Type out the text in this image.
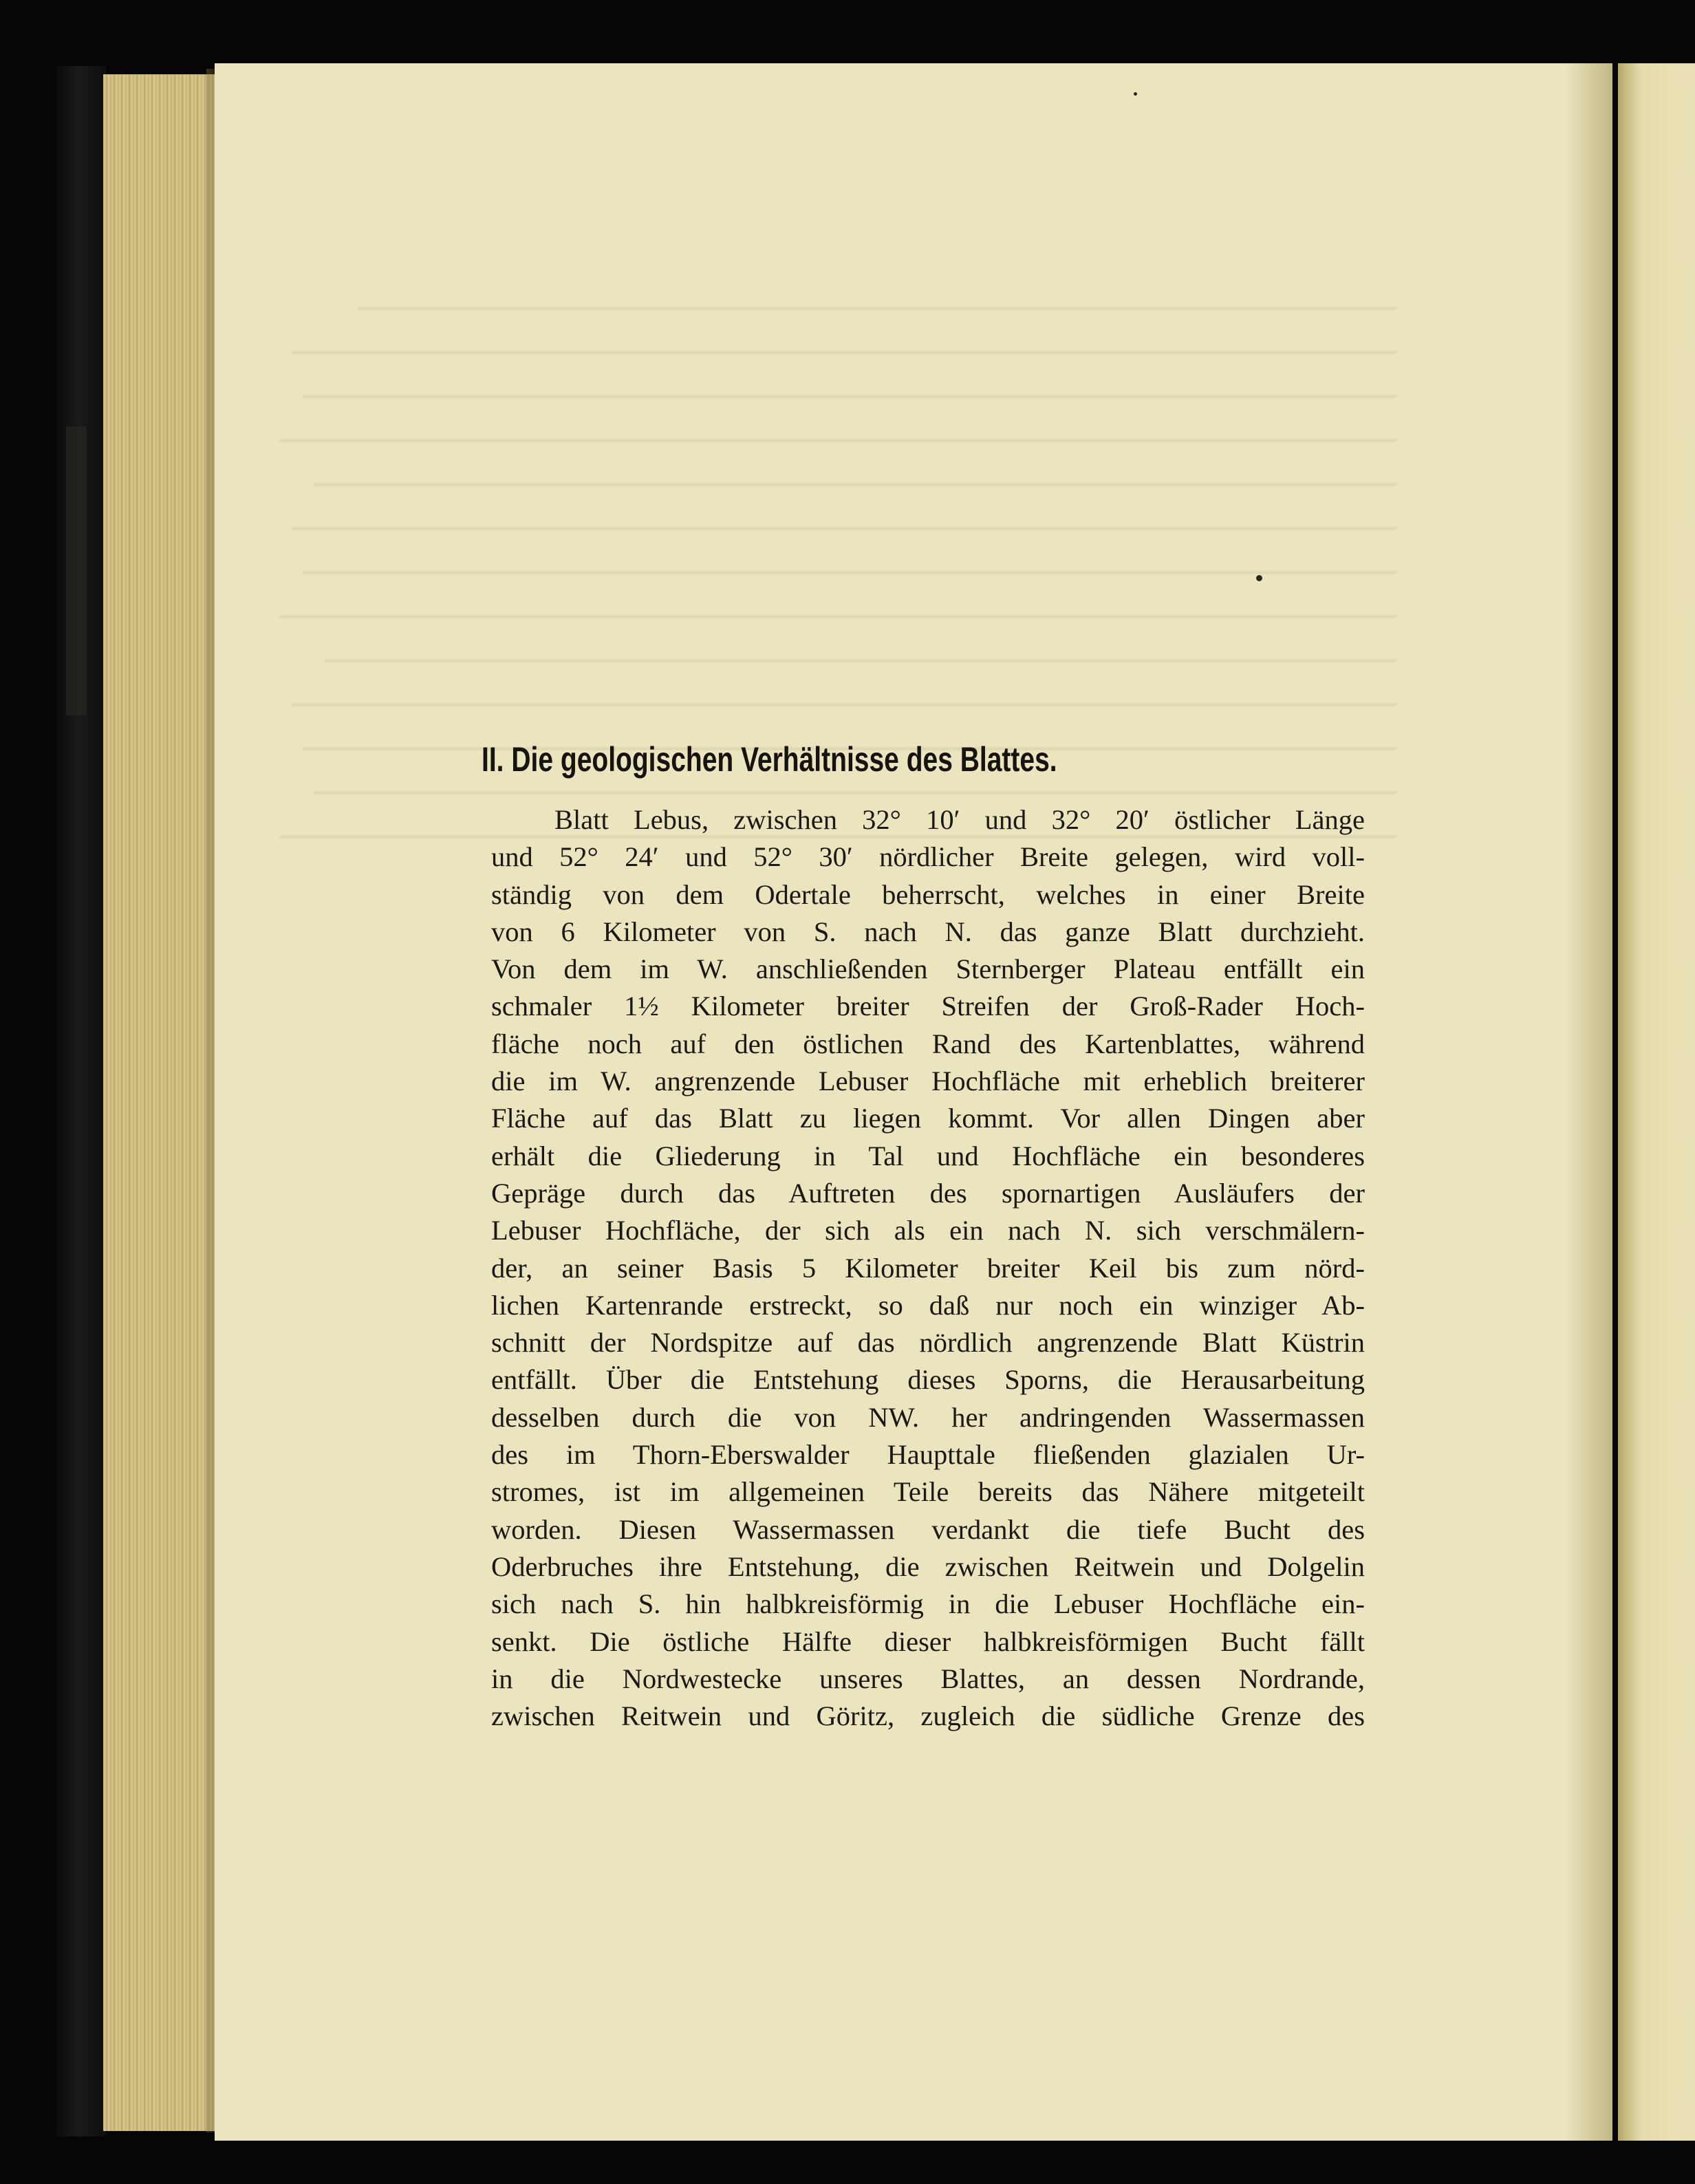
II. Die geologischen Verhältnisse des Blattes.
Blatt Lebus, zwischen 32° 10′ und 32° 20′ östlicher Länge
und 52° 24′ und 52° 30′ nördlicher Breite gelegen, wird voll-
ständig von dem Odertale beherrscht, welches in einer Breite
von 6 Kilometer von S. nach N. das ganze Blatt durchzieht.
Von dem im W. anschließenden Sternberger Plateau entfällt ein
schmaler 1½ Kilometer breiter Streifen der Groß-Rader Hoch-
fläche noch auf den östlichen Rand des Kartenblattes, während
die im W. angrenzende Lebuser Hochfläche mit erheblich breiterer
Fläche auf das Blatt zu liegen kommt. Vor allen Dingen aber
erhält die Gliederung in Tal und Hochfläche ein besonderes
Gepräge durch das Auftreten des spornartigen Ausläufers der
Lebuser Hochfläche, der sich als ein nach N. sich verschmälern-
der, an seiner Basis 5 Kilometer breiter Keil bis zum nörd-
lichen Kartenrande erstreckt, so daß nur noch ein winziger Ab-
schnitt der Nordspitze auf das nördlich angrenzende Blatt Küstrin
entfällt. Über die Entstehung dieses Sporns, die Herausarbeitung
desselben durch die von NW. her andringenden Wassermassen
des im Thorn-Eberswalder Haupttale fließenden glazialen Ur-
stromes, ist im allgemeinen Teile bereits das Nähere mitgeteilt
worden. Diesen Wassermassen verdankt die tiefe Bucht des
Oderbruches ihre Entstehung, die zwischen Reitwein und Dolgelin
sich nach S. hin halbkreisförmig in die Lebuser Hochfläche ein-
senkt. Die östliche Hälfte dieser halbkreisförmigen Bucht fällt
in die Nordwestecke unseres Blattes, an dessen Nordrande,
zwischen Reitwein und Göritz, zugleich die südliche Grenze des
